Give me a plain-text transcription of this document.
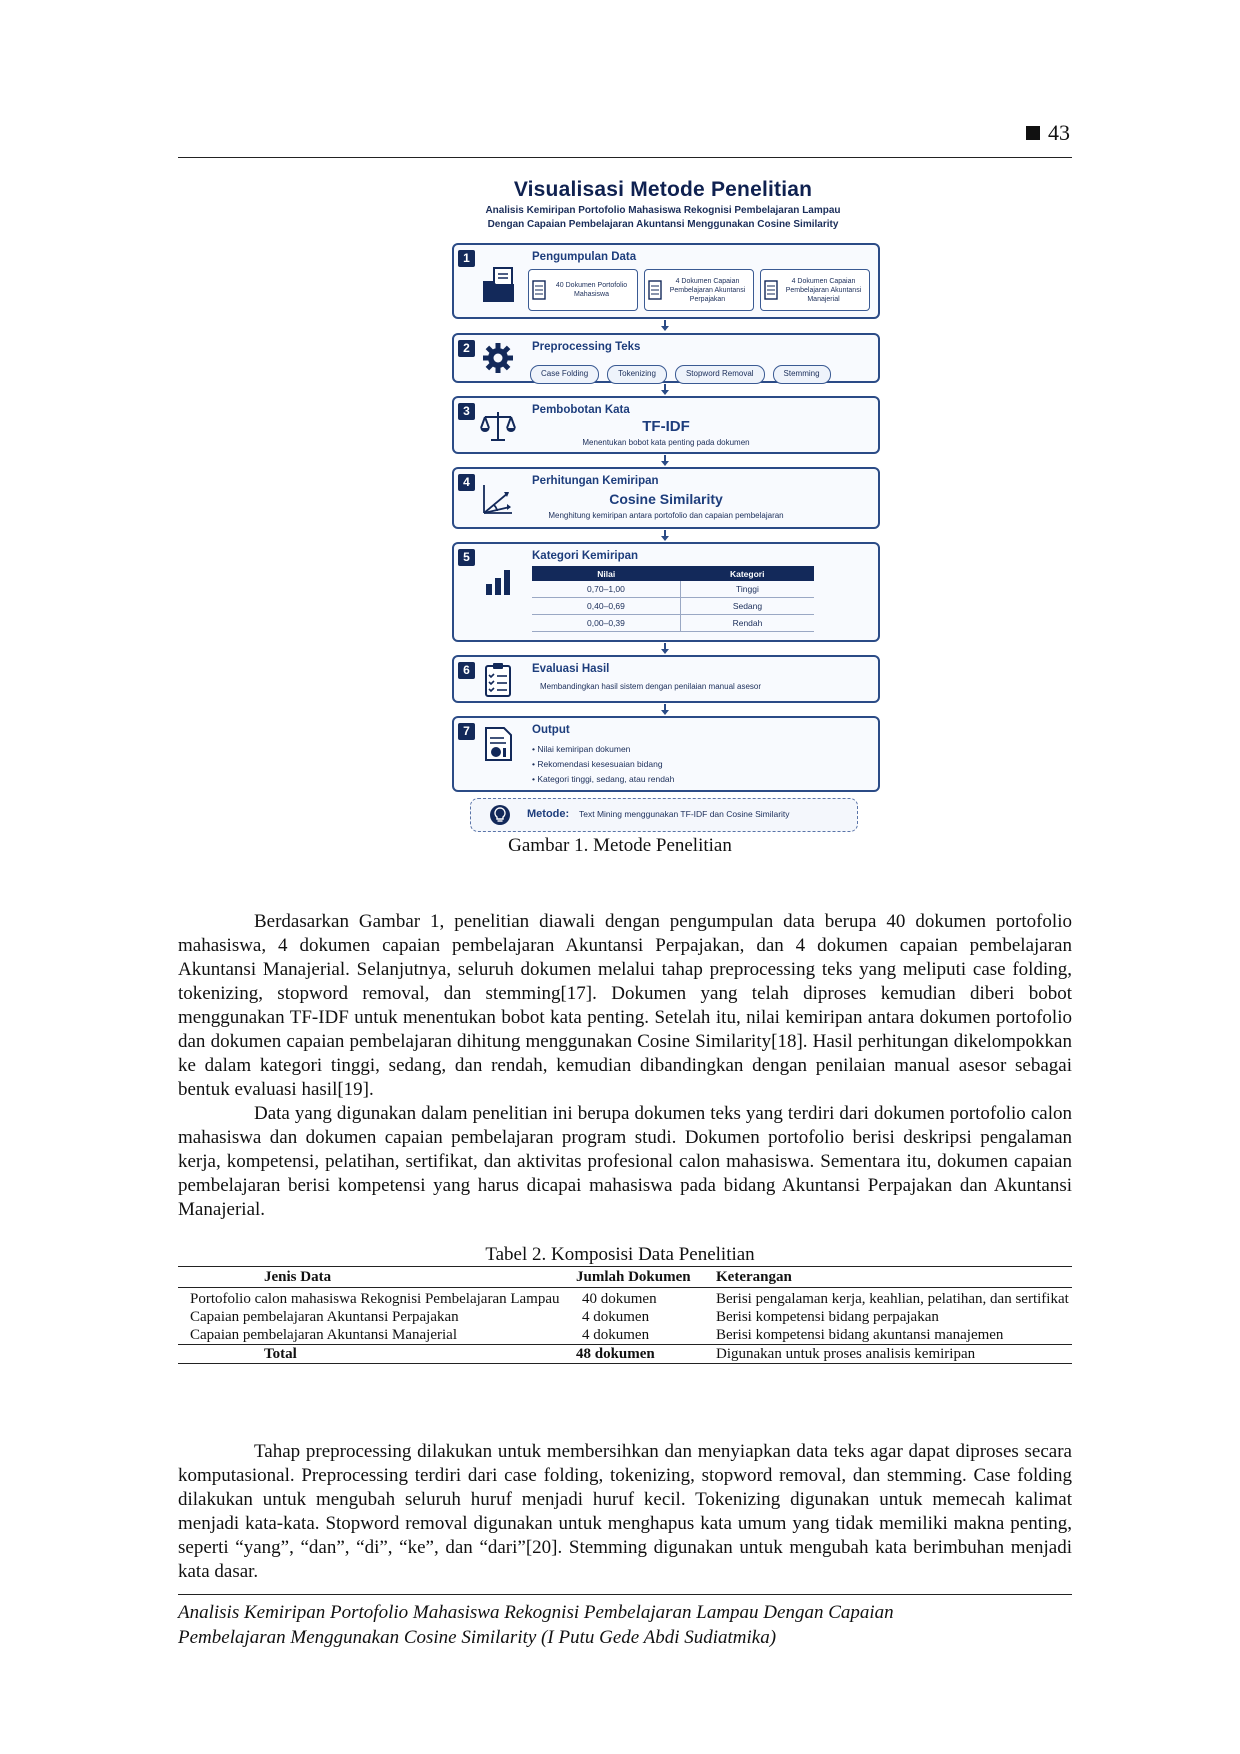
43
Visualisasi Metode Penelitian
Analisis Kemiripan Portofolio Mahasiswa Rekognisi Pembelajaran Lampau
Dengan Capaian Pembelajaran Akuntansi Menggunakan Cosine Similarity
1	Pengumpulan Data
40 Dokumen Portofolio Mahasiswa
4 Dokumen Capaian Pembelajaran Akuntansi Perpajakan
4 Dokumen Capaian Pembelajaran Akuntansi Manajerial
2	Preprocessing Teks
Case Folding	Tokenizing	Stopword Removal	Stemming
3	Pembobotan Kata
TF-IDF
Menentukan bobot kata penting pada dokumen
4	Perhitungan Kemiripan
Cosine Similarity
Menghitung kemiripan antara portofolio dan capaian pembelajaran
5	Kategori Kemiripan
Nilai	Kategori
0,70–1,00	Tinggi
0,40–0,69	Sedang
0,00–0,39	Rendah
6	Evaluasi Hasil
Membandingkan hasil sistem dengan penilaian manual asesor
7	Output
• Nilai kemiripan dokumen
• Rekomendasi kesesuaian bidang
• Kategori tinggi, sedang, atau rendah
Metode: Text Mining menggunakan TF-IDF dan Cosine Similarity
Gambar 1. Metode Penelitian

Berdasarkan Gambar 1, penelitian diawali dengan pengumpulan data berupa 40 dokumen portofolio mahasiswa, 4 dokumen capaian pembelajaran Akuntansi Perpajakan, dan 4 dokumen capaian pembelajaran Akuntansi Manajerial. Selanjutnya, seluruh dokumen melalui tahap preprocessing teks yang meliputi case folding, tokenizing, stopword removal, dan stemming[17]. Dokumen yang telah diproses kemudian diberi bobot menggunakan TF-IDF untuk menentukan bobot kata penting. Setelah itu, nilai kemiripan antara dokumen portofolio dan dokumen capaian pembelajaran dihitung menggunakan Cosine Similarity[18]. Hasil perhitungan dikelompokkan ke dalam kategori tinggi, sedang, dan rendah, kemudian dibandingkan dengan penilaian manual asesor sebagai bentuk evaluasi hasil[19].

Data yang digunakan dalam penelitian ini berupa dokumen teks yang terdiri dari dokumen portofolio calon mahasiswa dan dokumen capaian pembelajaran program studi. Dokumen portofolio berisi deskripsi pengalaman kerja, kompetensi, pelatihan, sertifikat, dan aktivitas profesional calon mahasiswa. Sementara itu, dokumen capaian pembelajaran berisi kompetensi yang harus dicapai mahasiswa pada bidang Akuntansi Perpajakan dan Akuntansi Manajerial.

Tabel 2. Komposisi Data Penelitian
Jenis Data	Jumlah Dokumen	Keterangan
Portofolio calon mahasiswa Rekognisi Pembelajaran Lampau	40 dokumen	Berisi pengalaman kerja, keahlian, pelatihan, dan sertifikat
Capaian pembelajaran Akuntansi Perpajakan	4 dokumen	Berisi kompetensi bidang perpajakan
Capaian pembelajaran Akuntansi Manajerial	4 dokumen	Berisi kompetensi bidang akuntansi manajemen
Total	48 dokumen	Digunakan untuk proses analisis kemiripan

Tahap preprocessing dilakukan untuk membersihkan dan menyiapkan data teks agar dapat diproses secara komputasional. Preprocessing terdiri dari case folding, tokenizing, stopword removal, dan stemming. Case folding dilakukan untuk mengubah seluruh huruf menjadi huruf kecil. Tokenizing digunakan untuk memecah kalimat menjadi kata-kata. Stopword removal digunakan untuk menghapus kata umum yang tidak memiliki makna penting, seperti “yang”, “dan”, “di”, “ke”, dan “dari”[20]. Stemming digunakan untuk mengubah kata berimbuhan menjadi kata dasar.

Analisis Kemiripan Portofolio Mahasiswa Rekognisi Pembelajaran Lampau Dengan Capaian
Pembelajaran Menggunakan Cosine Similarity (I Putu Gede Abdi Sudiatmika)
